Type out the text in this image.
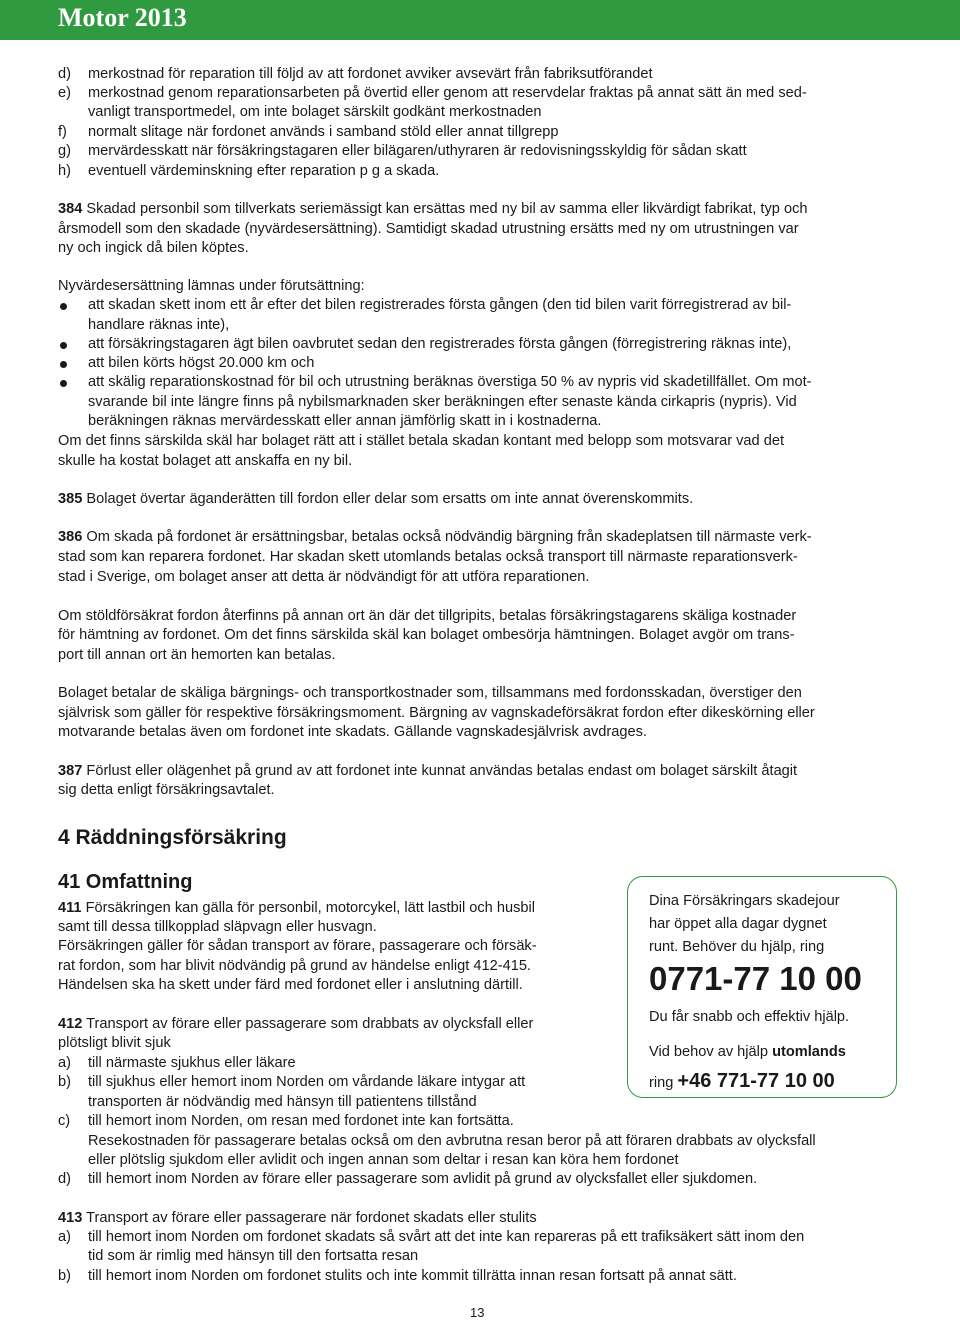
Motor 2013
d) merkostnad för reparation till följd av att fordonet avviker avsevärt från fabriksutförandet
e) merkostnad genom reparationsarbeten på övertid eller genom att reservdelar fraktas på annat sätt än med sed-
vanligt transportmedel, om inte bolaget särskilt godkänt merkostnaden
f) normalt slitage när fordonet används i samband stöld eller annat tillgrepp
g) mervärdesskatt när försäkringstagaren eller bilägaren/uthyraren är redovisningsskyldig för sådan skatt
h) eventuell värdeminskning efter reparation p g a skada.
384 Skadad personbil som tillverkats seriemässigt kan ersättas med ny bil av samma eller likvärdigt fabrikat, typ och
årsmodell som den skadade (nyvärdesersättning). Samtidigt skadad utrustning ersätts med ny om utrustningen var
ny och ingick då bilen köptes.
Nyvärdesersättning lämnas under förutsättning:
att skadan skett inom ett år efter det bilen registrerades första gången (den tid bilen varit förregistrerad av bil-
handlare räknas inte),
att försäkringstagaren ägt bilen oavbrutet sedan den registrerades första gången (förregistrering räknas inte),
att bilen körts högst 20.000 km och
att skälig reparationskostnad för bil och utrustning beräknas överstiga 50 % av nypris vid skadetillfället. Om mot-
svarande bil inte längre finns på nybilsmarknaden sker beräkningen efter senaste kända cirkapris (nypris). Vid
beräkningen räknas mervärdesskatt eller annan jämförlig skatt in i kostnaderna.
Om det finns särskilda skäl har bolaget rätt att i stället betala skadan kontant med belopp som motsvarar vad det
skulle ha kostat bolaget att anskaffa en ny bil.
385 Bolaget övertar äganderätten till fordon eller delar som ersatts om inte annat överenskommits.
386 Om skada på fordonet är ersättningsbar, betalas också nödvändig bärgning från skadeplatsen till närmaste verk-
stad som kan reparera fordonet. Har skadan skett utomlands betalas också transport till närmaste reparationsverk-
stad i Sverige, om bolaget anser att detta är nödvändigt för att utföra reparationen.
Om stöldförsäkrat fordon återfinns på annan ort än där det tillgripits, betalas försäkringstagarens skäliga kostnader
för hämtning av fordonet. Om det finns särskilda skäl kan bolaget ombesörja hämtningen. Bolaget avgör om trans-
port till annan ort än hemorten kan betalas.
Bolaget betalar de skäliga bärgnings- och transportkostnader som, tillsammans med fordonsskadan, överstiger den
självrisk som gäller för respektive försäkringsmoment. Bärgning av vagnskadeförsäkrat fordon efter dikeskörning eller
motvarande betalas även om fordonet inte skadats. Gällande vagnskadesjälvrisk avdrages.
387 Förlust eller olägenhet på grund av att fordonet inte kunnat användas betalas endast om bolaget särskilt åtagit
sig detta enligt försäkringsavtalet.
4 Räddningsförsäkring
41 Omfattning
411 Försäkringen kan gälla för personbil, motorcykel, lätt lastbil och husbil
samt till dessa tillkopplad släpvagn eller husvagn.
Försäkringen gäller för sådan transport av förare, passagerare och försäk-
rat fordon, som har blivit nödvändig på grund av händelse enligt 412-415.
Händelsen ska ha skett under färd med fordonet eller i anslutning därtill.
412 Transport av förare eller passagerare som drabbats av olycksfall eller
plötsligt blivit sjuk
a) till närmaste sjukhus eller läkare
b) till sjukhus eller hemort inom Norden om vårdande läkare intygar att
transporten är nödvändig med hänsyn till patientens tillstånd
c) till hemort inom Norden, om resan med fordonet inte kan fortsätta.
Resekostnaden för passagerare betalas också om den avbrutna resan beror på att föraren drabbats av olycksfall
eller plötslig sjukdom eller avlidit och ingen annan som deltar i resan kan köra hem fordonet
d) till hemort inom Norden av förare eller passagerare som avlidit på grund av olycksfallet eller sjukdomen.
413 Transport av förare eller passagerare när fordonet skadats eller stulits
a) till hemort inom Norden om fordonet skadats så svårt att det inte kan repareras på ett trafiksäkert sätt inom den
tid som är rimlig med hänsyn till den fortsatta resan
b) till hemort inom Norden om fordonet stulits och inte kommit tillrätta innan resan fortsatt på annat sätt.
Dina Försäkringars skadejour
har öppet alla dagar dygnet
runt. Behöver du hjälp, ring
0771-77 10 00
Du får snabb och effektiv hjälp.
Vid behov av hjälp utomlands
ring +46 771-77 10 00
13
